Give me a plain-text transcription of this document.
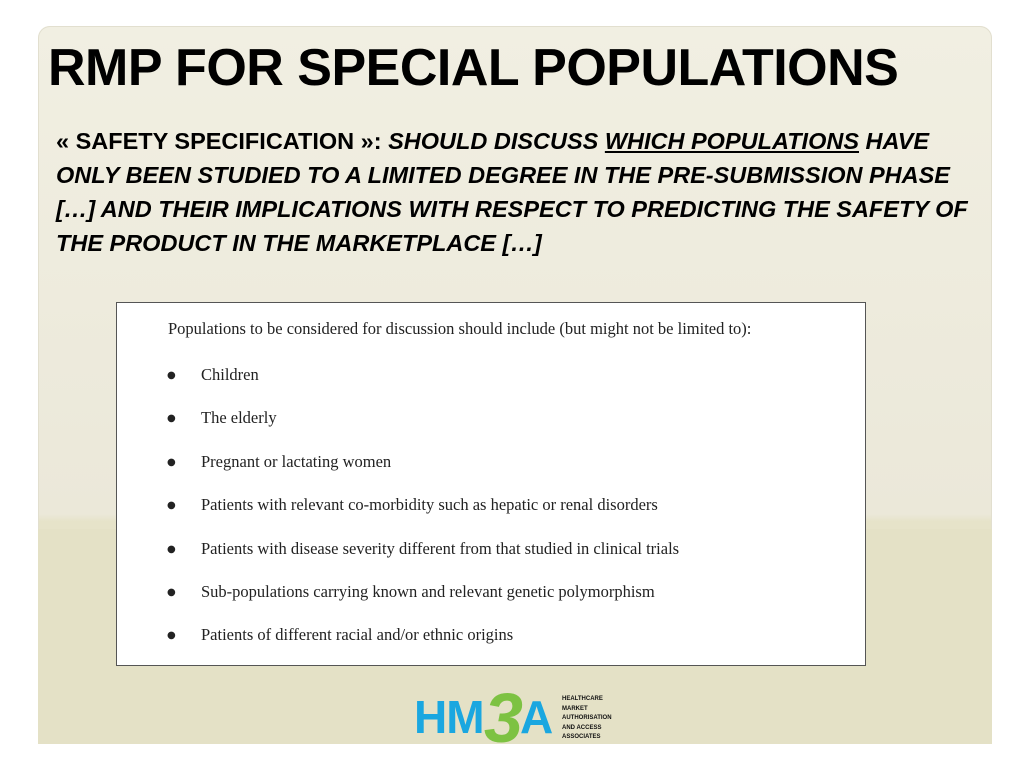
RMP FOR SPECIAL POPULATIONS
« SAFETY SPECIFICATION »: SHOULD DISCUSS WHICH POPULATIONS HAVE ONLY BEEN STUDIED TO A LIMITED DEGREE IN THE PRE-SUBMISSION PHASE […] AND THEIR IMPLICATIONS WITH RESPECT TO PREDICTING THE SAFETY OF THE PRODUCT IN THE MARKETPLACE […]
Populations to be considered for discussion should include (but might not be limited to):
● Children
● The elderly
● Pregnant or lactating women
● Patients with relevant co-morbidity such as hepatic or renal disorders
● Patients with disease severity different from that studied in clinical trials
● Sub-populations carrying known and relevant genetic polymorphism
● Patients of different racial and/or ethnic origins
HM 3
A HEALTHCARE
MARKET
AUTHORISATION
AND ACCESS
ASSOCIATES
